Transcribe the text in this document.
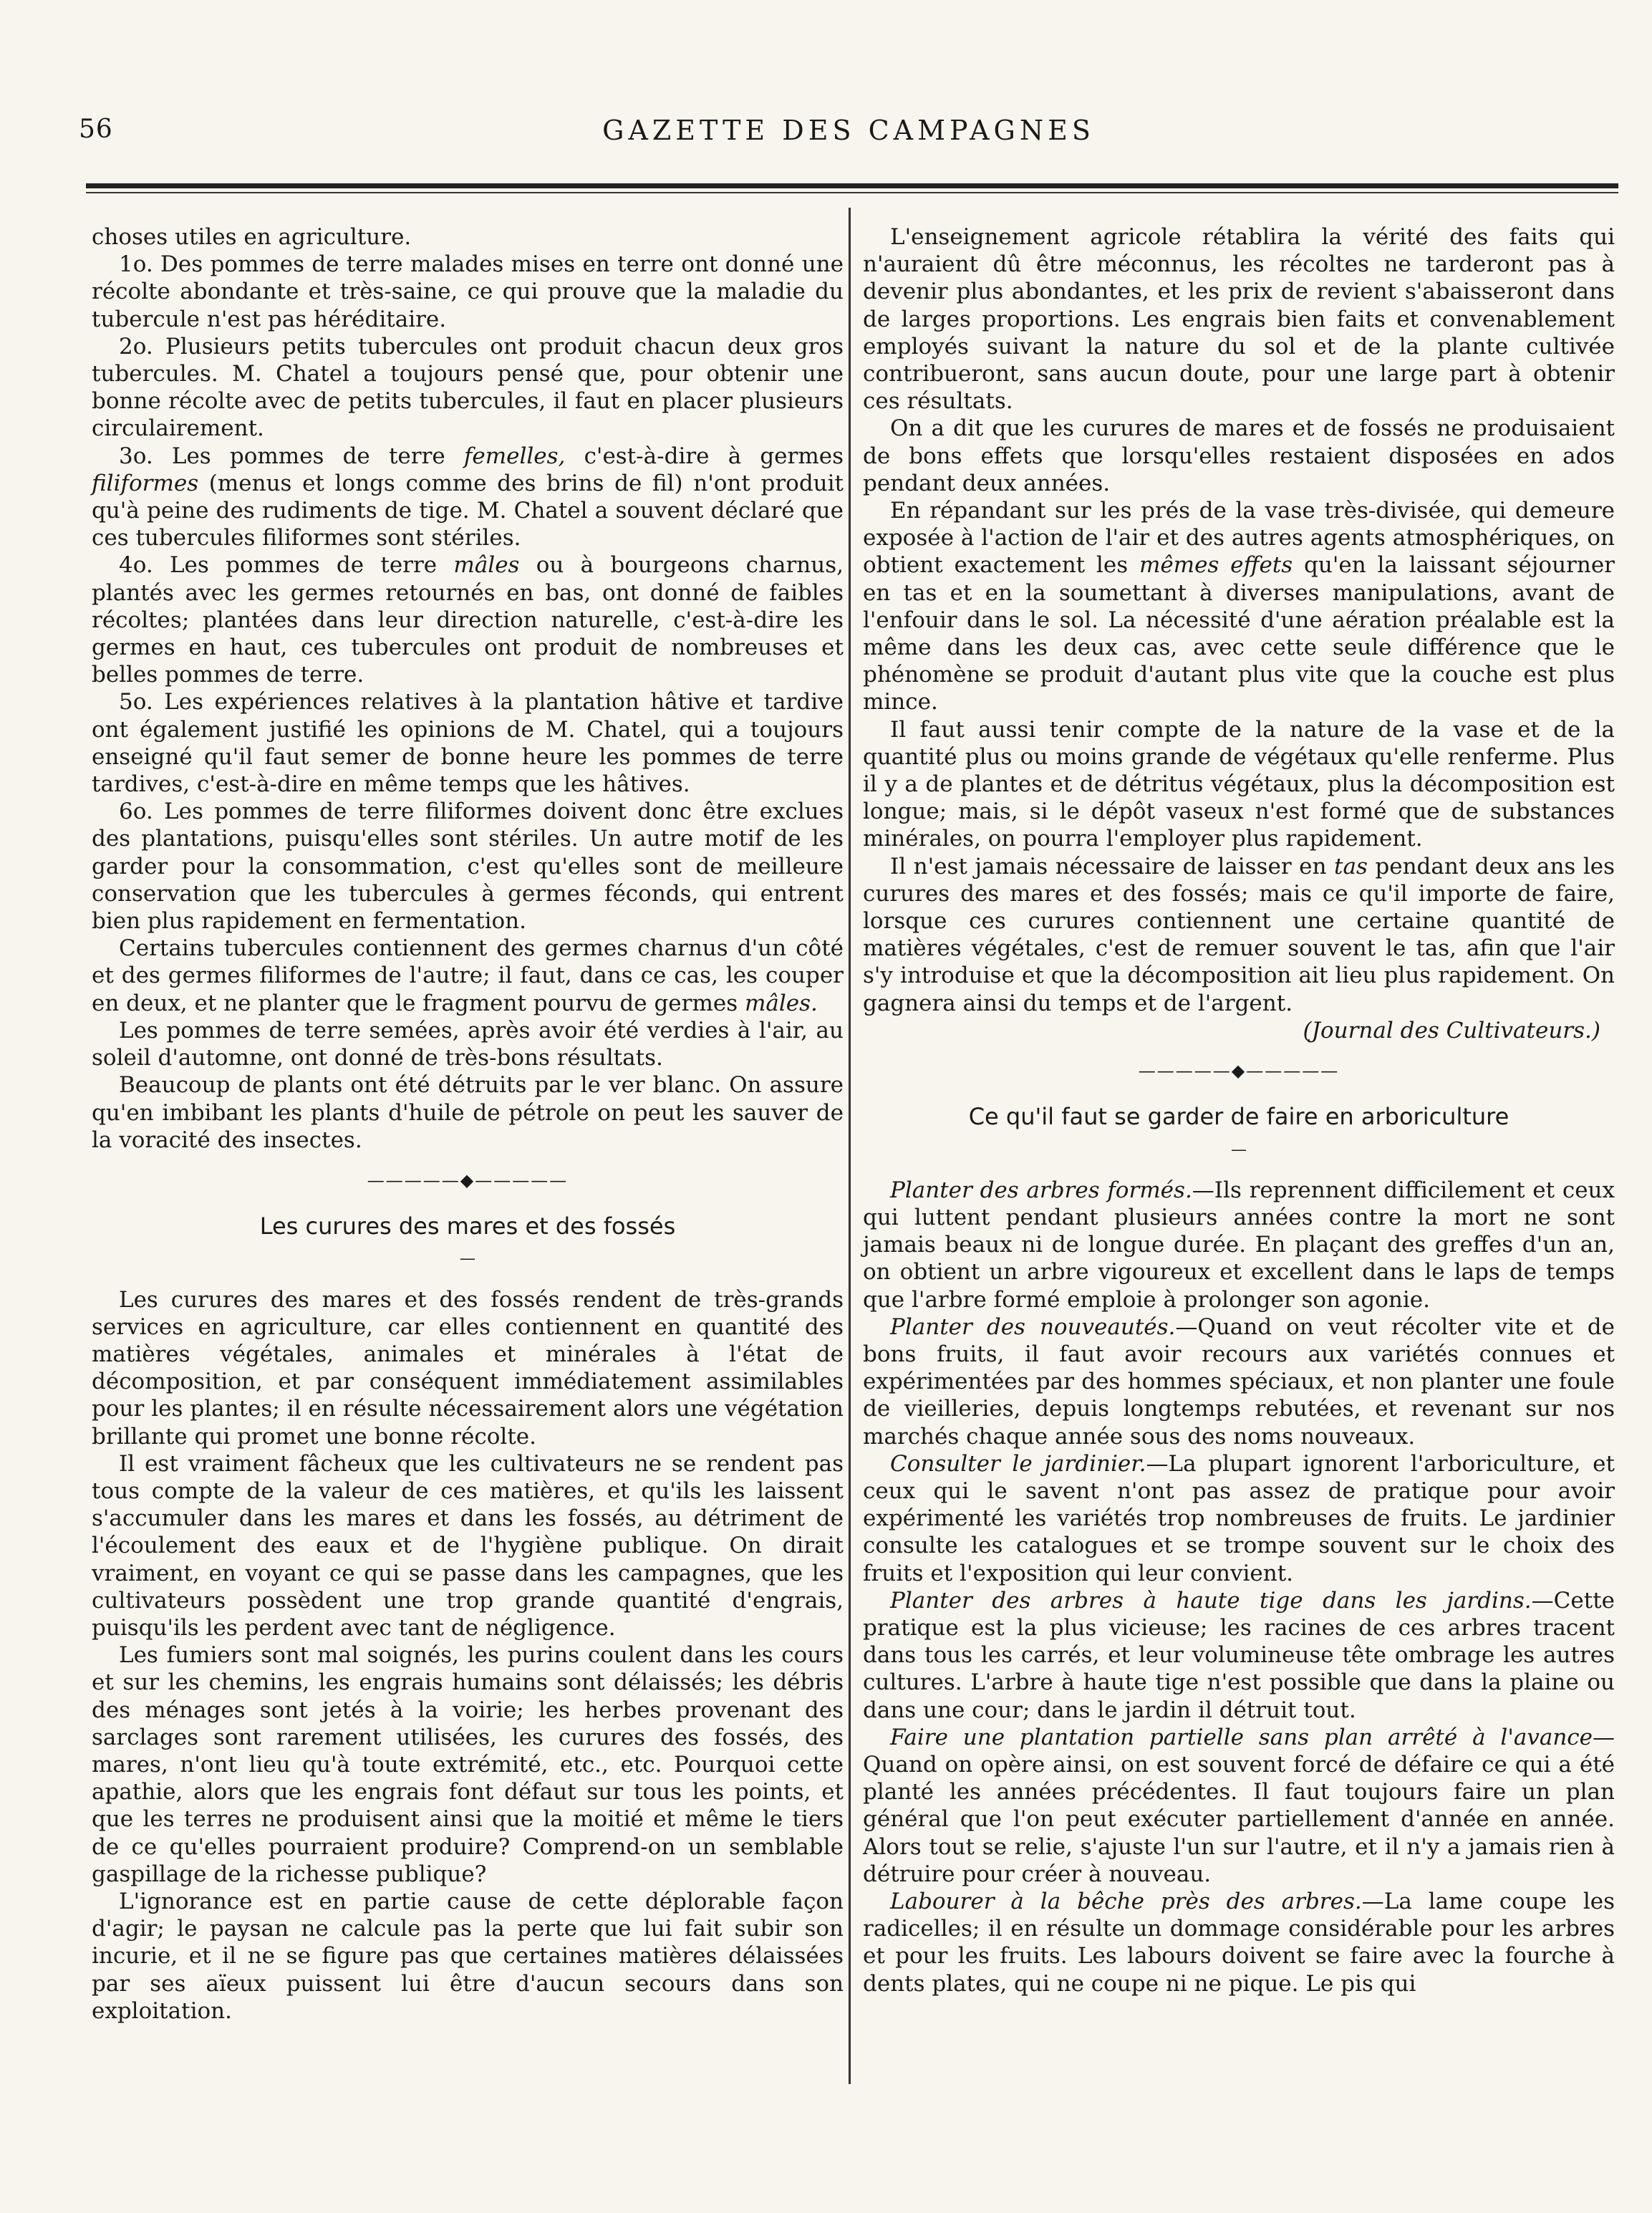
56	GAZETTE DES CAMPAGNES

choses utiles en agriculture.

1o. Des pommes de terre malades mises en terre ont donné une récolte abondante et très-saine, ce qui prouve que la maladie du tubercule n'est pas héréditaire.

2o. Plusieurs petits tubercules ont produit chacun deux gros tubercules. M. Chatel a toujours pensé que, pour obtenir une bonne récolte avec de petits tubercules, il faut en placer plusieurs circulairement.

3o. Les pommes de terre femelles, c'est-à-dire à germes filiformes (menus et longs comme des brins de fil) n'ont produit qu'à peine des rudiments de tige. M. Chatel a souvent déclaré que ces tubercules filiformes sont stériles.

4o. Les pommes de terre mâles ou à bourgeons charnus, plantés avec les germes retournés en bas, ont donné de faibles récoltes; plantées dans leur direction naturelle, c'est-à-dire les germes en haut, ces tubercules ont produit de nombreuses et belles pommes de terre.

5o. Les expériences relatives à la plantation hâtive et tardive ont également justifié les opinions de M. Chatel, qui a toujours enseigné qu'il faut semer de bonne heure les pommes de terre tardives, c'est-à-dire en même temps que les hâtives.

6o. Les pommes de terre filiformes doivent donc être exclues des plantations, puisqu'elles sont stériles. Un autre motif de les garder pour la consommation, c'est qu'elles sont de meilleure conservation que les tubercules à germes féconds, qui entrent bien plus rapidement en fermentation.

Certains tubercules contiennent des germes charnus d'un côté et des germes filiformes de l'autre; il faut, dans ce cas, les couper en deux, et ne planter que le fragment pourvu de germes mâles.

Les pommes de terre semées, après avoir été verdies à l'air, au soleil d'automne, ont donné de très-bons résultats.

Beaucoup de plants ont été détruits par le ver blanc. On assure qu'en imbibant les plants d'huile de pétrole on peut les sauver de la voracité des insectes.

—————◆—————

Les curures des mares et des fossés

—

Les curures des mares et des fossés rendent de très-grands services en agriculture, car elles contiennent en quantité des matières végétales, animales et minérales à l'état de décomposition, et par conséquent immédiatement assimilables pour les plantes; il en résulte nécessairement alors une végétation brillante qui promet une bonne récolte.

Il est vraiment fâcheux que les cultivateurs ne se rendent pas tous compte de la valeur de ces matières, et qu'ils les laissent s'accumuler dans les mares et dans les fossés, au détriment de l'écoulement des eaux et de l'hygiène publique. On dirait vraiment, en voyant ce qui se passe dans les campagnes, que les cultivateurs possèdent une trop grande quantité d'engrais, puisqu'ils les perdent avec tant de négligence.

Les fumiers sont mal soignés, les purins coulent dans les cours et sur les chemins, les engrais humains sont délaissés; les débris des ménages sont jetés à la voirie; les herbes provenant des sarclages sont rarement utilisées, les curures des fossés, des mares, n'ont lieu qu'à toute extrémité, etc., etc. Pourquoi cette apathie, alors que les engrais font défaut sur tous les points, et que les terres ne produisent ainsi que la moitié et même le tiers de ce qu'elles pourraient produire? Comprend-on un semblable gaspillage de la richesse publique?

L'ignorance est en partie cause de cette déplorable façon d'agir; le paysan ne calcule pas la perte que lui fait subir son incurie, et il ne se figure pas que certaines matières délaissées par ses aïeux puissent lui être d'aucun secours dans son exploitation.

L'enseignement agricole rétablira la vérité des faits qui n'auraient dû être méconnus, les récoltes ne tarderont pas à devenir plus abondantes, et les prix de revient s'abaisseront dans de larges proportions. Les engrais bien faits et convenablement employés suivant la nature du sol et de la plante cultivée contribueront, sans aucun doute, pour une large part à obtenir ces résultats.

On a dit que les curures de mares et de fossés ne produisaient de bons effets que lorsqu'elles restaient disposées en ados pendant deux années.

En répandant sur les prés de la vase très-divisée, qui demeure exposée à l'action de l'air et des autres agents atmosphériques, on obtient exactement les mêmes effets qu'en la laissant séjourner en tas et en la soumettant à diverses manipulations, avant de l'enfouir dans le sol. La nécessité d'une aération préalable est la même dans les deux cas, avec cette seule différence que le phénomène se produit d'autant plus vite que la couche est plus mince.

Il faut aussi tenir compte de la nature de la vase et de la quantité plus ou moins grande de végétaux qu'elle renferme. Plus il y a de plantes et de détritus végétaux, plus la décomposition est longue; mais, si le dépôt vaseux n'est formé que de substances minérales, on pourra l'employer plus rapidement.

Il n'est jamais nécessaire de laisser en tas pendant deux ans les curures des mares et des fossés; mais ce qu'il importe de faire, lorsque ces curures contiennent une certaine quantité de matières végétales, c'est de remuer souvent le tas, afin que l'air s'y introduise et que la décomposition ait lieu plus rapidement. On gagnera ainsi du temps et de l'argent.

(Journal des Cultivateurs.)

—————◆—————

Ce qu'il faut se garder de faire en arboriculture

—

Planter des arbres formés.—Ils reprennent difficilement et ceux qui luttent pendant plusieurs années contre la mort ne sont jamais beaux ni de longue durée. En plaçant des greffes d'un an, on obtient un arbre vigoureux et excellent dans le laps de temps que l'arbre formé emploie à prolonger son agonie.

Planter des nouveautés.—Quand on veut récolter vite et de bons fruits, il faut avoir recours aux variétés connues et expérimentées par des hommes spéciaux, et non planter une foule de vieilleries, depuis longtemps rebutées, et revenant sur nos marchés chaque année sous des noms nouveaux.

Consulter le jardinier.—La plupart ignorent l'arboriculture, et ceux qui le savent n'ont pas assez de pratique pour avoir expérimenté les variétés trop nombreuses de fruits. Le jardinier consulte les catalogues et se trompe souvent sur le choix des fruits et l'exposition qui leur convient.

Planter des arbres à haute tige dans les jardins.—Cette pratique est la plus vicieuse; les racines de ces arbres tracent dans tous les carrés, et leur volumineuse tête ombrage les autres cultures. L'arbre à haute tige n'est possible que dans la plaine ou dans une cour; dans le jardin il détruit tout.

Faire une plantation partielle sans plan arrêté à l'avance—Quand on opère ainsi, on est souvent forcé de défaire ce qui a été planté les années précédentes. Il faut toujours faire un plan général que l'on peut exécuter partiellement d'année en année. Alors tout se relie, s'ajuste l'un sur l'autre, et il n'y a jamais rien à détruire pour créer à nouveau.

Labourer à la bêche près des arbres.—La lame coupe les radicelles; il en résulte un dommage considérable pour les arbres et pour les fruits. Les labours doivent se faire avec la fourche à dents plates, qui ne coupe ni ne pique. Le pis qui
